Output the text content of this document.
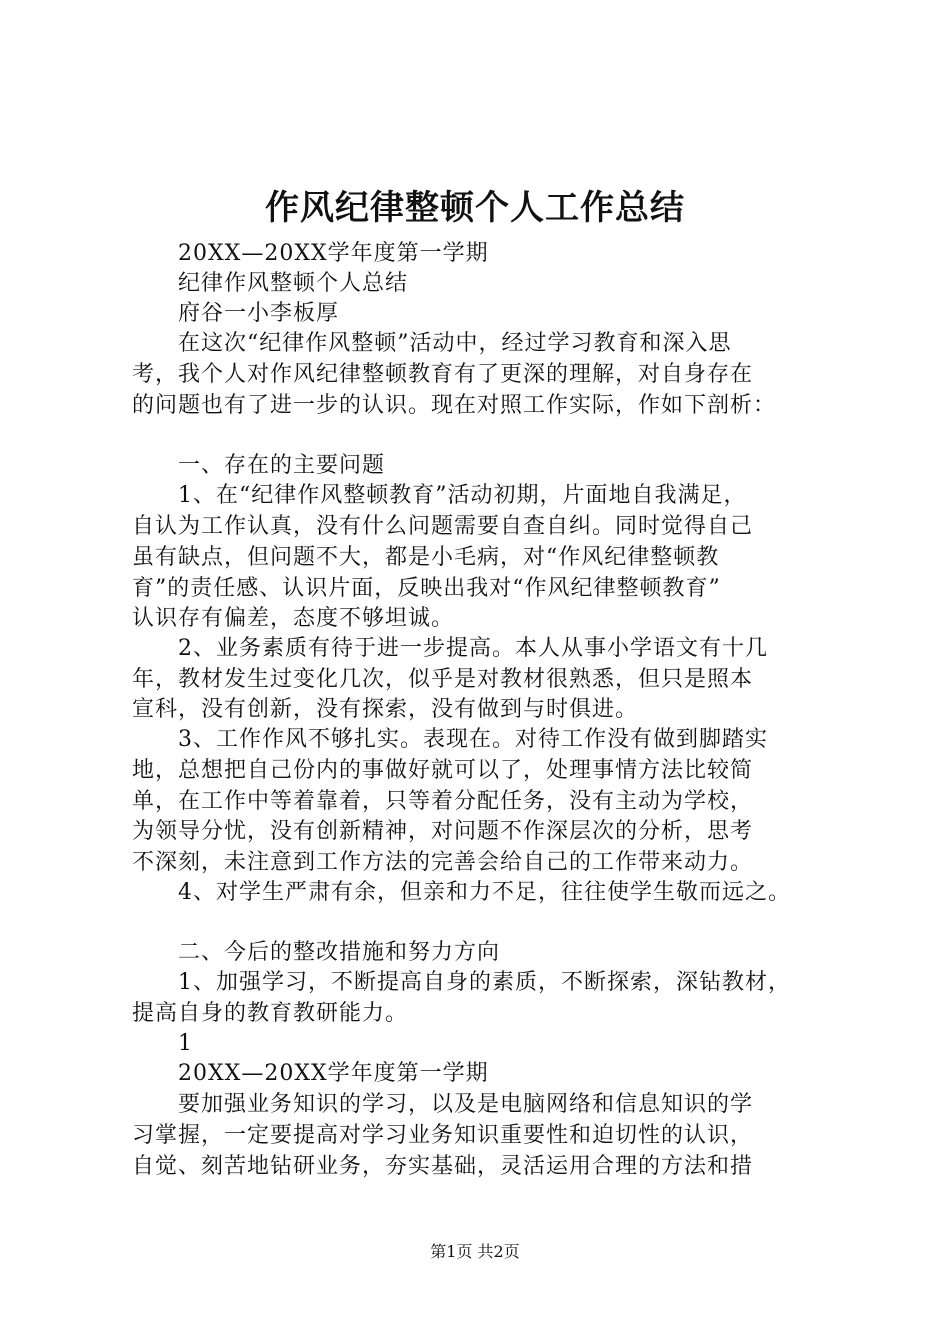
作风纪律整顿个人工作总结
20XX—20XX学年度第一学期
纪律作风整顿个人总结
府谷一小李板厚
在这次“纪律作风整顿”活动中，经过学习教育和深入思
考，我个人对作风纪律整顿教育有了更深的理解，对自身存在
的问题也有了进一步的认识。现在对照工作实际，作如下剖析：
一、存在的主要问题
1、在“纪律作风整顿教育”活动初期，片面地自我满足，
自认为工作认真，没有什么问题需要自查自纠。同时觉得自己
虽有缺点，但问题不大，都是小毛病，对“作风纪律整顿教
育”的责任感、认识片面，反映出我对“作风纪律整顿教育”
认识存有偏差，态度不够坦诚。
2、业务素质有待于进一步提高。本人从事小学语文有十几
年，教材发生过变化几次，似乎是对教材很熟悉，但只是照本
宣科，没有创新，没有探索，没有做到与时俱进。
3、工作作风不够扎实。表现在。对待工作没有做到脚踏实
地，总想把自己份内的事做好就可以了，处理事情方法比较简
单，在工作中等着靠着，只等着分配任务，没有主动为学校，
为领导分忧，没有创新精神，对问题不作深层次的分析，思考
不深刻，未注意到工作方法的完善会给自己的工作带来动力。
4、对学生严肃有余，但亲和力不足，往往使学生敬而远之。
二、今后的整改措施和努力方向
1、加强学习，不断提高自身的素质，不断探索，深钻教材，
提高自身的教育教研能力。
1
20XX—20XX学年度第一学期
要加强业务知识的学习，以及是电脑网络和信息知识的学
习掌握，一定要提高对学习业务知识重要性和迫切性的认识，
自觉、刻苦地钻研业务，夯实基础，灵活运用合理的方法和措
第1页 共2页
